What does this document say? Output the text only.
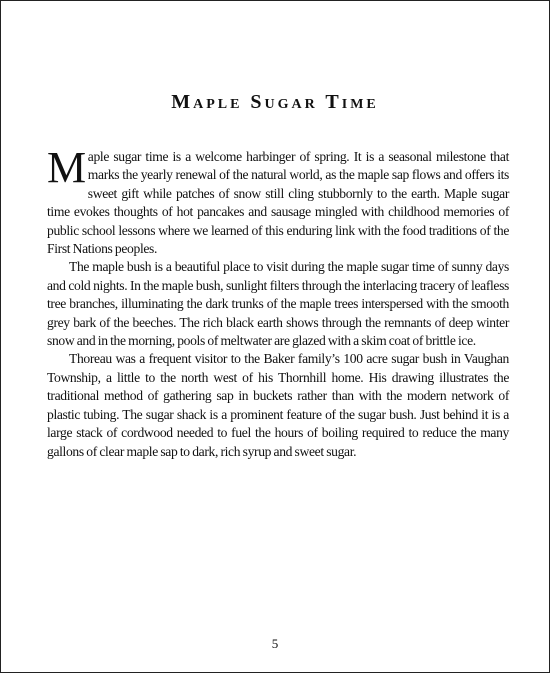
Maple Sugar Time

Maple sugar time is a welcome harbinger of spring. It is a seasonal milestone that marks the yearly renewal of the natural world, as the maple sap flows and offers its sweet gift while patches of snow still cling stubbornly to the earth. Maple sugar time evokes thoughts of hot pancakes and sausage mingled with childhood memories of public school lessons where we learned of this enduring link with the food traditions of the First Nations peoples.

The maple bush is a beautiful place to visit during the maple sugar time of sunny days and cold nights. In the maple bush, sunlight filters through the interlacing tracery of leafless tree branches, illuminating the dark trunks of the maple trees interspersed with the smooth grey bark of the beeches. The rich black earth shows through the remnants of deep winter snow and in the morning, pools of meltwater are glazed with a skim coat of brittle ice.

Thoreau was a frequent visitor to the Baker family’s 100 acre sugar bush in Vaughan Township, a little to the north west of his Thornhill home. His drawing illustrates the traditional method of gathering sap in buckets rather than with the modern network of plastic tubing. The sugar shack is a prominent feature of the sugar bush. Just behind it is a large stack of cordwood needed to fuel the hours of boiling required to reduce the many gallons of clear maple sap to dark, rich syrup and sweet sugar.

5
